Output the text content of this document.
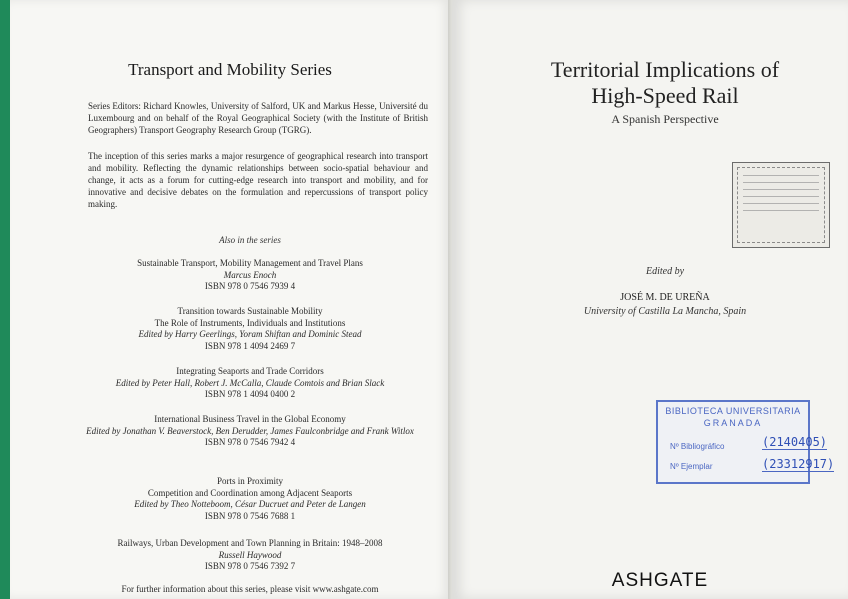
Transport and Mobility Series
Series Editors: Richard Knowles, University of Salford, UK and Markus Hesse, Université du Luxembourg and on behalf of the Royal Geographical Society (with the Institute of British Geographers) Transport Geography Research Group (TGRG).
The inception of this series marks a major resurgence of geographical research into transport and mobility. Reflecting the dynamic relationships between socio-spatial behaviour and change, it acts as a forum for cutting-edge research into transport and mobility, and for innovative and decisive debates on the formulation and repercussions of transport policy making.
Also in the series
Sustainable Transport, Mobility Management and Travel Plans
Marcus Enoch
ISBN 978 0 7546 7939 4
Transition towards Sustainable Mobility
The Role of Instruments, Individuals and Institutions
Edited by Harry Geerlings, Yoram Shiftan and Dominic Stead
ISBN 978 1 4094 2469 7
Integrating Seaports and Trade Corridors
Edited by Peter Hall, Robert J. McCalla, Claude Comtois and Brian Slack
ISBN 978 1 4094 0400 2
International Business Travel in the Global Economy
Edited by Jonathan V. Beaverstock, Ben Derudder, James Faulconbridge and Frank Witlox
ISBN 978 0 7546 7942 4
Ports in Proximity
Competition and Coordination among Adjacent Seaports
Edited by Theo Notteboom, César Ducruet and Peter de Langen
ISBN 978 0 7546 7688 1
Railways, Urban Development and Town Planning in Britain: 1948–2008
Russell Haywood
ISBN 978 0 7546 7392 7
For further information about this series, please visit www.ashgate.com
Territorial Implications of
High-Speed Rail
A Spanish Perspective
Edited by
JOSÉ M. DE UREÑA
University of Castilla La Mancha, Spain
BIBLIOTECA UNIVERSITARIA
GRANADA
Nº Bibliográfico	(2140405)
Nº Ejemplar	(23312917)
ASHGATE
